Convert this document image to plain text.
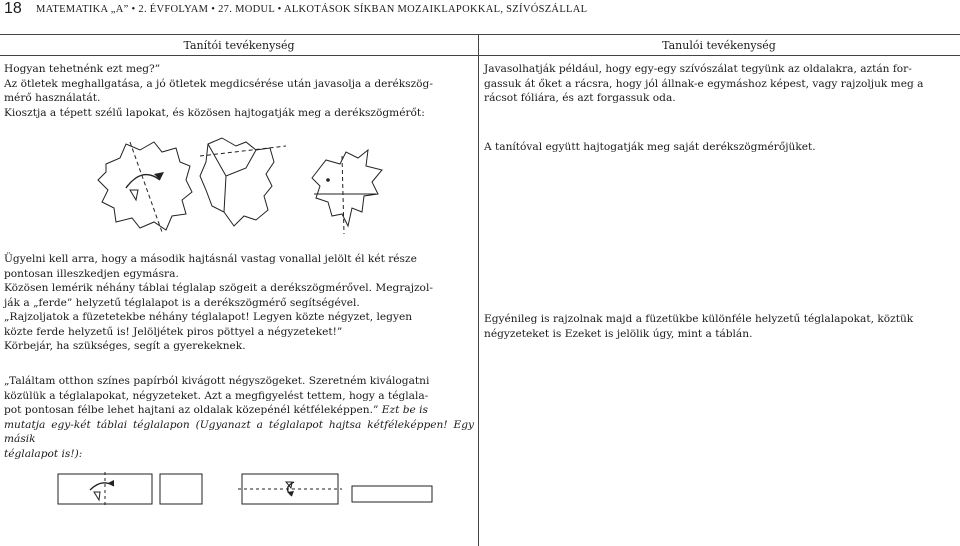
18 MATEMATIKA „A” • 2. ÉVFOLYAM • 27. MODUL • ALKOTÁSOK SÍKBAN MOZAIKLAPOKKAL, SZÍVÓSZÁLLAL
Tanítói tevékenység	Tanulói tevékenység
Hogyan tehetnénk ezt meg?”
Az ötletek meghallgatása, a jó ötletek megdicsérése után javasolja a derékszög-
mérő használatát.
Kiosztja a tépett szélű lapokat, és közösen hajtogatják meg a derékszögmérőt:
Ügyelni kell arra, hogy a második hajtásnál vastag vonallal jelölt él két része
pontosan illeszkedjen egymásra.
Közösen lemérik néhány táblai téglalap szögeit a derékszögmérővel. Megrajzol-
ják a „ferde” helyzetű téglalapot is a derékszögmérő segítségével.
„Rajzoljatok a füzetetekbe néhány téglalapot! Legyen közte négyzet, legyen
közte ferde helyzetű is! Jelöljétek piros pöttyel a négyzeteket!”
Körbejár, ha szükséges, segít a gyerekeknek.
„Találtam otthon színes papírból kivágott négyszögeket. Szeretném kiválogatni
közülük a téglalapokat, négyzeteket. Azt a megfigyelést tettem, hogy a téglala-
pot pontosan félbe lehet hajtani az oldalak közepénél kétféleképpen.” Ezt be is
mutatja egy-két táblai téglalapon (Ugyanazt a téglalapot hajtsa kétféleképpen! Egy másik
téglalapot is!):
Javasolhatják például, hogy egy-egy szívószálat tegyünk az oldalakra, aztán for-
gassuk át őket a rácsra, hogy jól állnak-e egymáshoz képest, vagy rajzoljuk meg a
rácsot fóliára, és azt forgassuk oda.
A tanítóval együtt hajtogatják meg saját derékszögmérőjüket.
Egyénileg is rajzolnak majd a füzetükbe különféle helyzetű téglalapokat, köztük
négyzeteket is Ezeket is jelölik úgy, mint a táblán.
